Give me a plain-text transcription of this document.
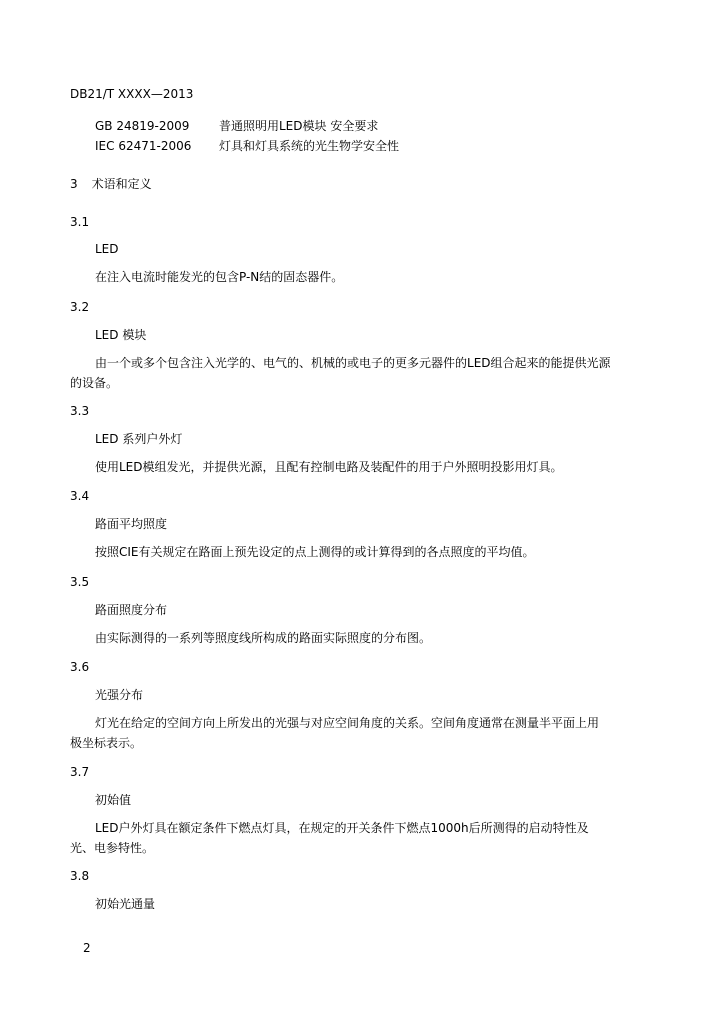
DB21/T XXXX—2013
GB 24819-2009 普通照明用LED模块 安全要求
IEC 62471-2006 灯具和灯具系统的光生物学安全性
3 术语和定义
3.1
LED
在注入电流时能发光的包含P-N结的固态器件。
3.2
LED 模块
由一个或多个包含注入光学的、电气的、机械的或电子的更多元器件的LED组合起来的能提供光源
的设备。
3.3
LED 系列户外灯
使用LED模组发光，并提供光源，且配有控制电路及装配件的用于户外照明投影用灯具。
3.4
路面平均照度
按照CIE有关规定在路面上预先设定的点上测得的或计算得到的各点照度的平均值。
3.5
路面照度分布
由实际测得的一系列等照度线所构成的路面实际照度的分布图。
3.6
光强分布
灯光在给定的空间方向上所发出的光强与对应空间角度的关系。空间角度通常在测量半平面上用
极坐标表示。
3.7
初始值
LED户外灯具在额定条件下燃点灯具，在规定的开关条件下燃点1000h后所测得的启动特性及
光、电参特性。
3.8
初始光通量
2
